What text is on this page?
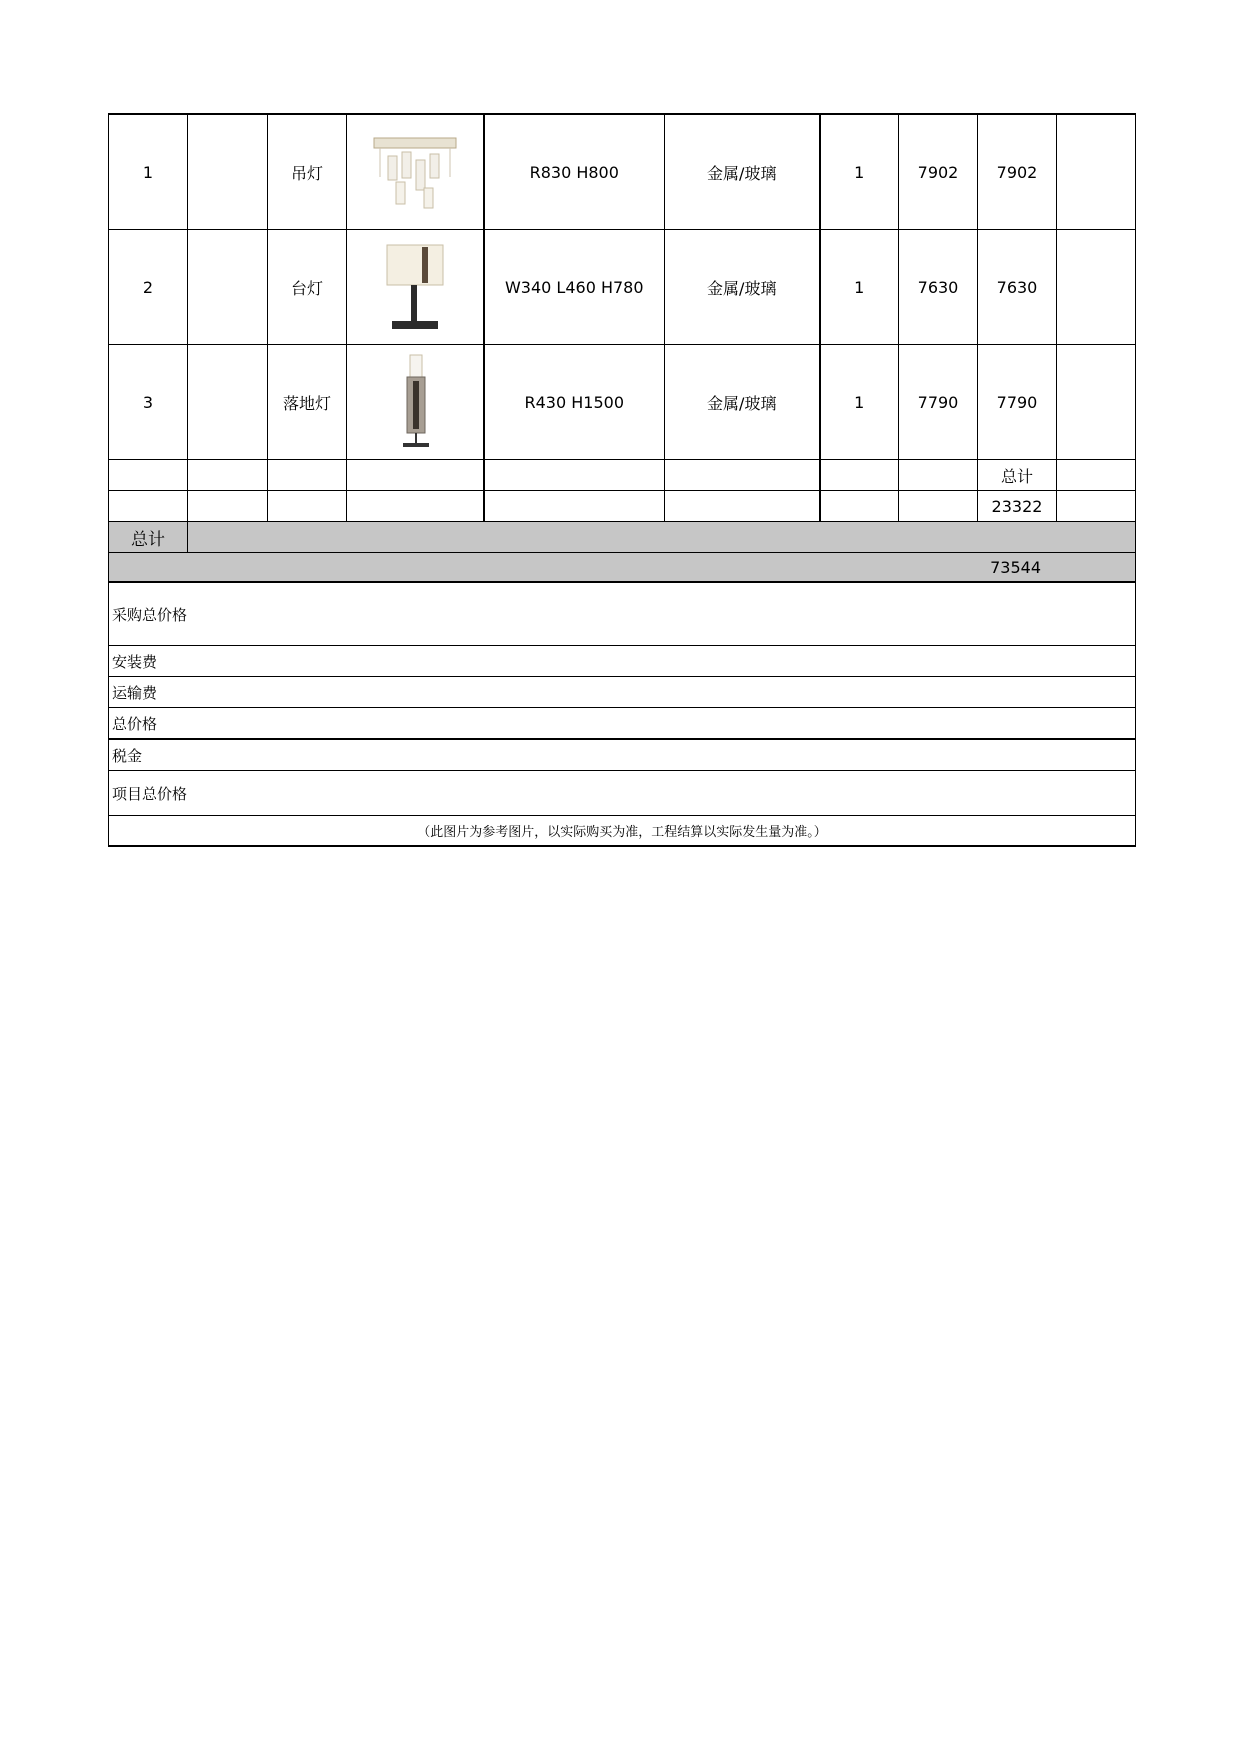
1		吊灯		R830 H800	金属/玻璃	1	7902	7902	
2		台灯		W340 L460 H780	金属/玻璃	1	7630	7630	
3		落地灯		R430 H1500	金属/玻璃	1	7790	7790	
								总计	
								23322	
总计									
73544									
采购总价格									
安装费									
运输费									
总价格									
税金									
项目总价格									
（此图片为参考图片，以实际购买为准，工程结算以实际发生量为准。）									
